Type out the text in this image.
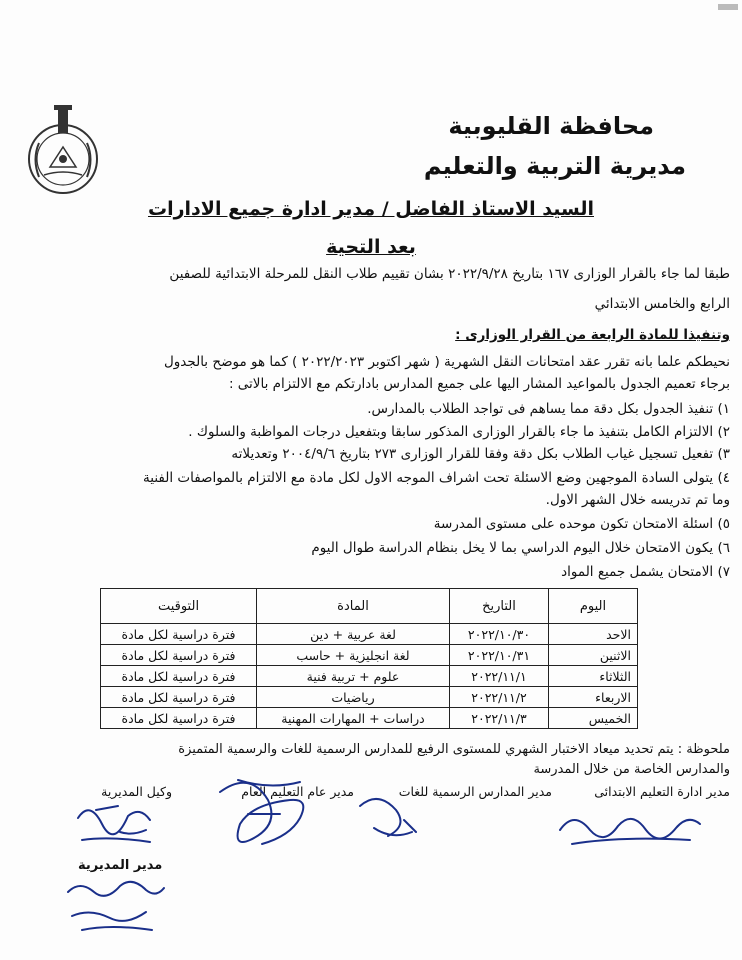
محافظة القليوبية
مديرية التربية والتعليم
السيد الاستاذ الفاضل / مدير ادارة جميع الادارات
بعد التحية
طبقا لما جاء بالقرار الوزارى ١٦٧ بتاريخ ٢٠٢٢/٩/٢٨ بشان تقييم طلاب النقل للمرحلة الابتدائية للصفين
الرابع والخامس الابتدائي
وتنفيذا للمادة الرابعة من القرار الوزارى :
نحيطكم علما بانه تقرر عقد امتحانات النقل الشهرية ( شهر اكتوبر ٢٠٢٢/٢٠٢٣ ) كما هو موضح بالجدول
برجاء تعميم الجدول بالمواعيد المشار اليها على جميع المدارس بادارتكم مع الالتزام بالاتى :
١) تنفيذ الجدول بكل دقة مما يساهم فى تواجد الطلاب بالمدارس.
٢) الالتزام الكامل بتنفيذ ما جاء بالقرار الوزارى المذكور سابقا وبتفعيل درجات المواظبة والسلوك .
٣) تفعيل تسجيل غياب الطلاب بكل دقة وفقا للقرار الوزارى ٢٧٣ بتاريخ ٢٠٠٤/٩/٦ وتعديلاته
٤) يتولى السادة الموجهين وضع الاسئلة تحت اشراف الموجه الاول لكل مادة مع الالتزام بالمواصفات الفنية
وما تم تدريسه خلال الشهر الاول.
٥) اسئلة الامتحان تكون موحده على مستوى المدرسة
٦) يكون الامتحان خلال اليوم الدراسي بما لا يخل بنظام الدراسة طوال اليوم
٧) الامتحان يشمل جميع المواد
اليوم	التاريخ	المادة	التوقيت
الاحد	٢٠٢٢/١٠/٣٠	لغة عربية + دين	فترة دراسية لكل مادة
الاثنين	٢٠٢٢/١٠/٣١	لغة انجليزية + حاسب	فترة دراسية لكل مادة
الثلاثاء	٢٠٢٢/١١/١	علوم + تربية فنية	فترة دراسية لكل مادة
الاربعاء	٢٠٢٢/١١/٢	رياضيات	فترة دراسية لكل مادة
الخميس	٢٠٢٢/١١/٣	دراسات + المهارات المهنية	فترة دراسية لكل مادة
ملحوظة : يتم تحديد ميعاد الاختبار الشهري للمستوى الرفيع للمدارس الرسمية للغات والرسمية المتميزة
والمدارس الخاصة من خلال المدرسة
مدير ادارة التعليم الابتدائى
مدير المدارس الرسمية للغات
مدير عام التعليم العام
وكيل المديرية
مدير المديرية
